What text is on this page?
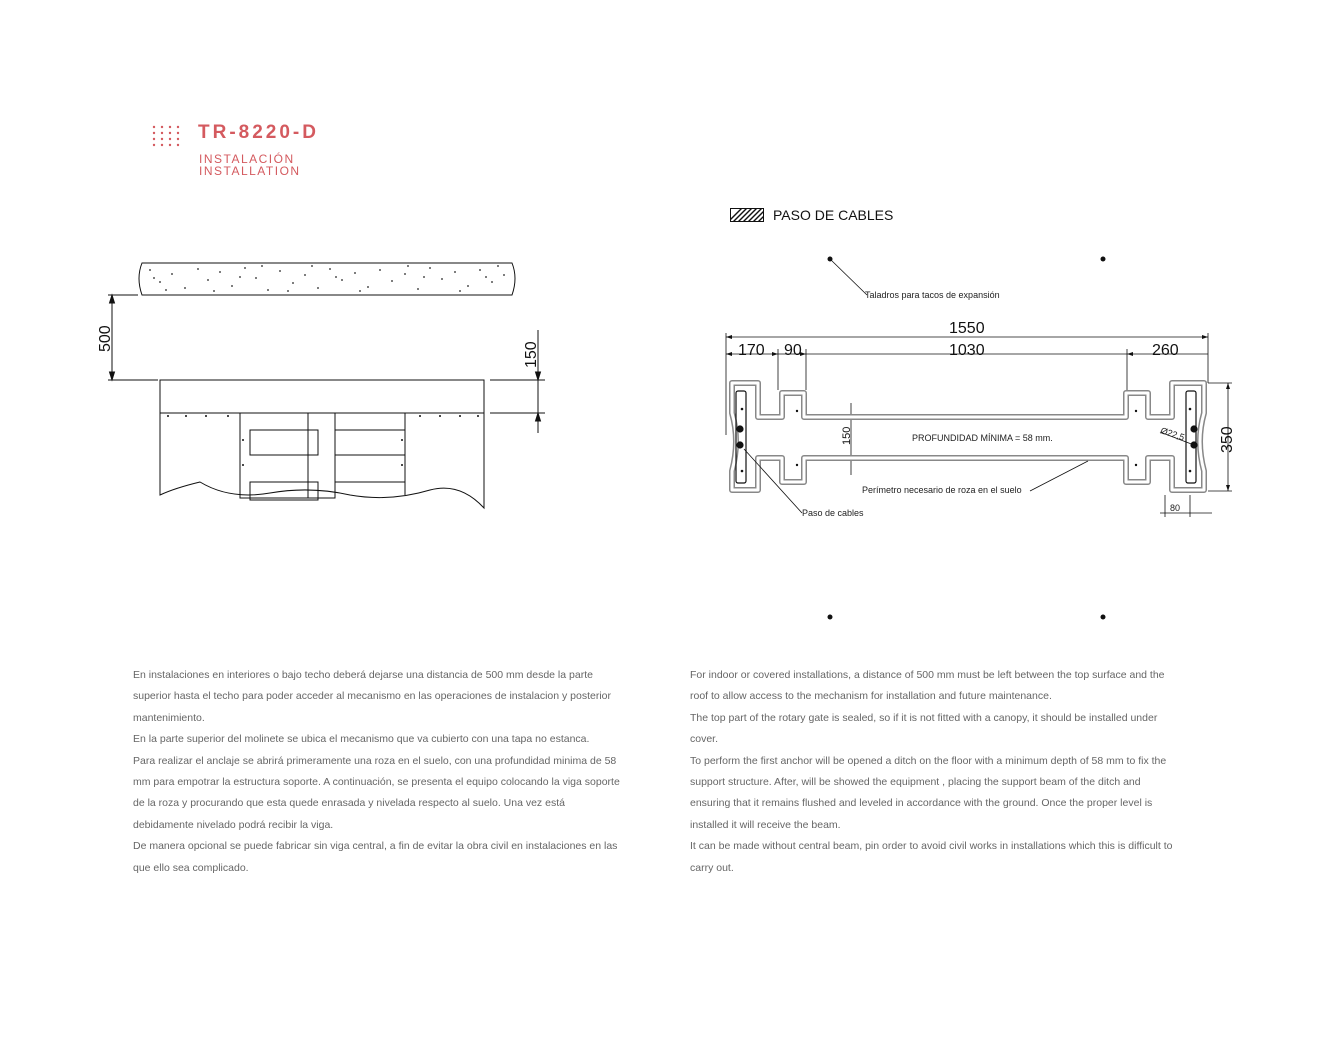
TR-8220-D
INSTALACIÓN
INSTALLATION
PASO DE CABLES
500
150
Taladros para tacos de expansión
1550
170 90	1030	260
350
150	PROFUNDIDAD MÍNIMA = 58 mm.	Ø22,5
80
Perímetro necesario de roza en el suelo
Paso de cables

En instalaciones en interiores o bajo techo deberá dejarse una distancia de 500 mm desde la parte superior hasta el techo para poder acceder al mecanismo en las operaciones de instalacion y posterior mantenimiento.

En la parte superior del molinete se ubica el mecanismo que va cubierto con una tapa no estanca.

Para realizar el anclaje se abrirá primeramente una roza en el suelo, con una profundidad minima de 58 mm para empotrar la estructura soporte. A continuación, se presenta el equipo colocando la viga soporte de la roza y procurando que esta quede enrasada y nivelada respecto al suelo. Una vez está debidamente nivelado podrá recibir la viga.

De manera opcional se puede fabricar sin viga central, a fin de evitar la obra civil en instalaciones en las que ello sea complicado.

For indoor or covered installations, a distance of 500 mm must be left between the top surface and the roof to allow access to the mechanism for installation and future maintenance.

The top part of the rotary gate is sealed, so if it is not fitted with a canopy, it should be installed under cover.

To perform the first anchor will be opened a ditch on the floor with a minimum depth of 58 mm to fix the support structure. After, will be showed the equipment , placing the support beam of the ditch and ensuring that it remains flushed and leveled in accordance with the ground. Once the proper level is installed it will receive the beam.

It can be made without central beam, pin order to avoid civil works in installations which this is difficult to carry out.
